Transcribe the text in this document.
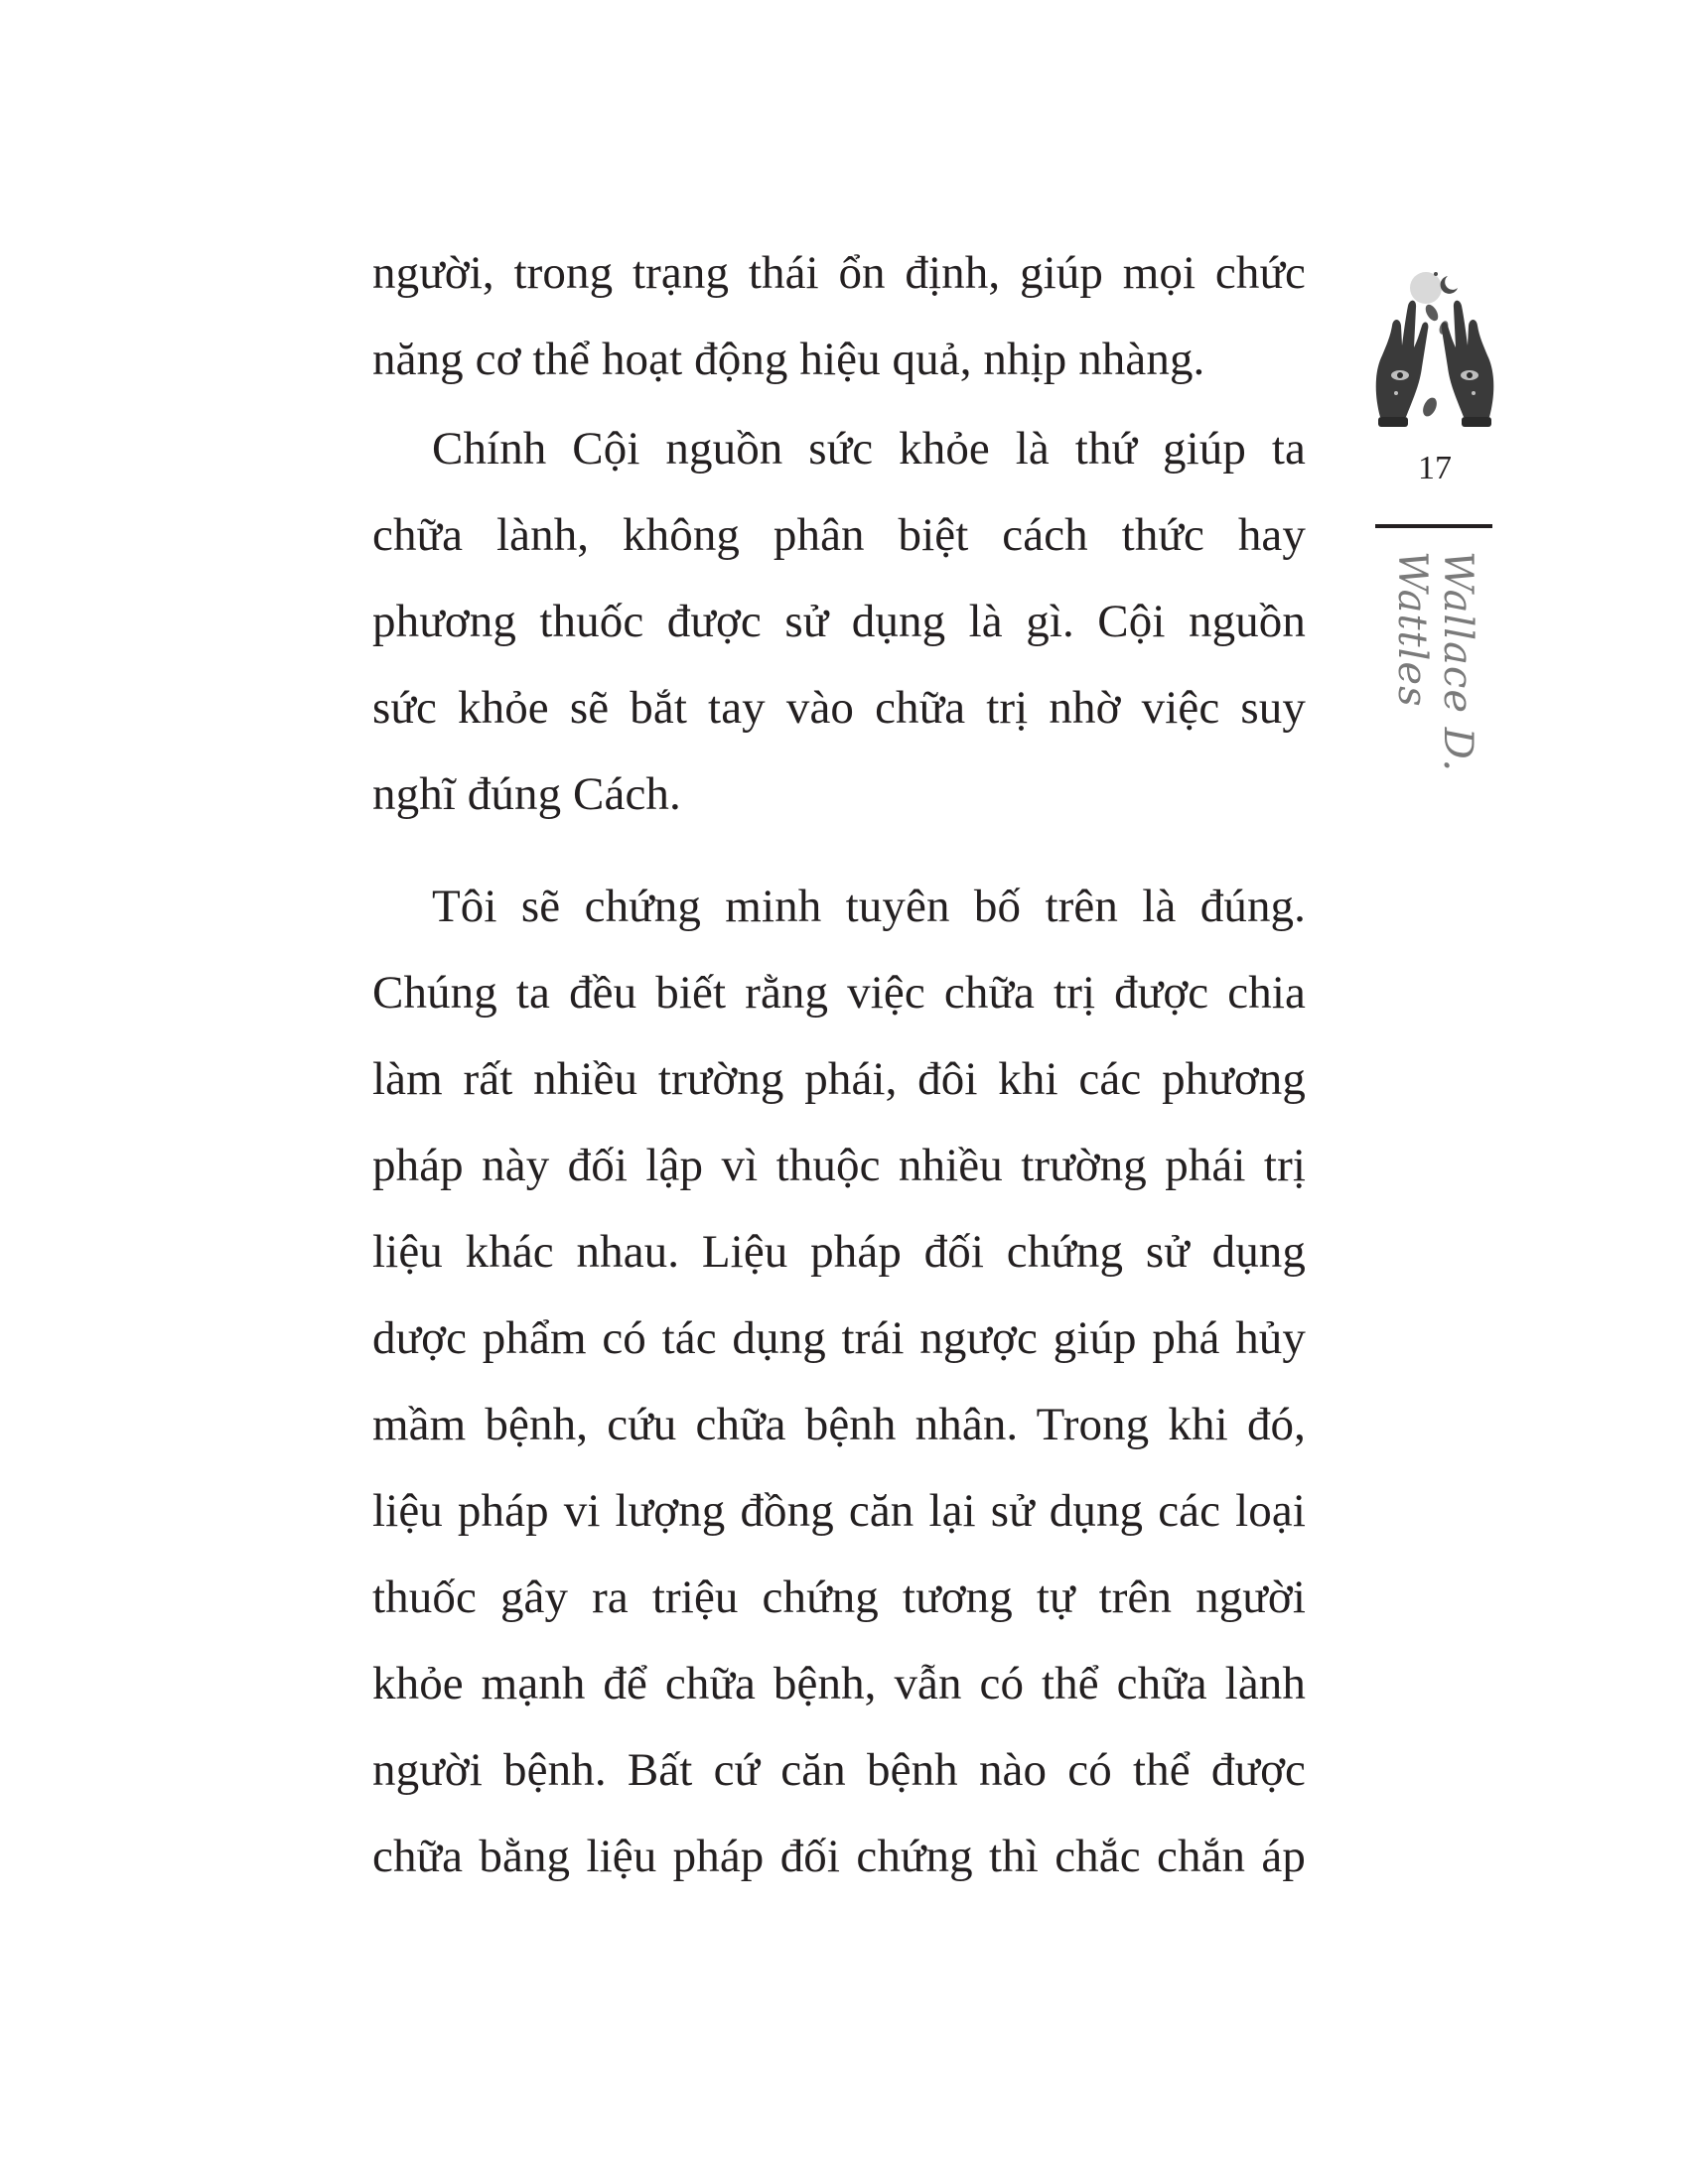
người, trong trạng thái ổn định, giúp mọi chức
năng cơ thể hoạt động hiệu quả, nhịp nhàng.
Chính Cội nguồn sức khỏe là thứ giúp ta
chữa lành, không phân biệt cách thức hay
phương thuốc được sử dụng là gì. Cội nguồn
sức khỏe sẽ bắt tay vào chữa trị nhờ việc suy
nghĩ đúng Cách.
Tôi sẽ chứng minh tuyên bố trên là đúng.
Chúng ta đều biết rằng việc chữa trị được chia
làm rất nhiều trường phái, đôi khi các phương
pháp này đối lập vì thuộc nhiều trường phái trị
liệu khác nhau. Liệu pháp đối chứng sử dụng
dược phẩm có tác dụng trái ngược giúp phá hủy
mầm bệnh, cứu chữa bệnh nhân. Trong khi đó,
liệu pháp vi lượng đồng căn lại sử dụng các loại
thuốc gây ra triệu chứng tương tự trên người
khỏe mạnh để chữa bệnh, vẫn có thể chữa lành
người bệnh. Bất cứ căn bệnh nào có thể được
chữa bằng liệu pháp đối chứng thì chắc chắn áp
17
Wallace D. Wattles
